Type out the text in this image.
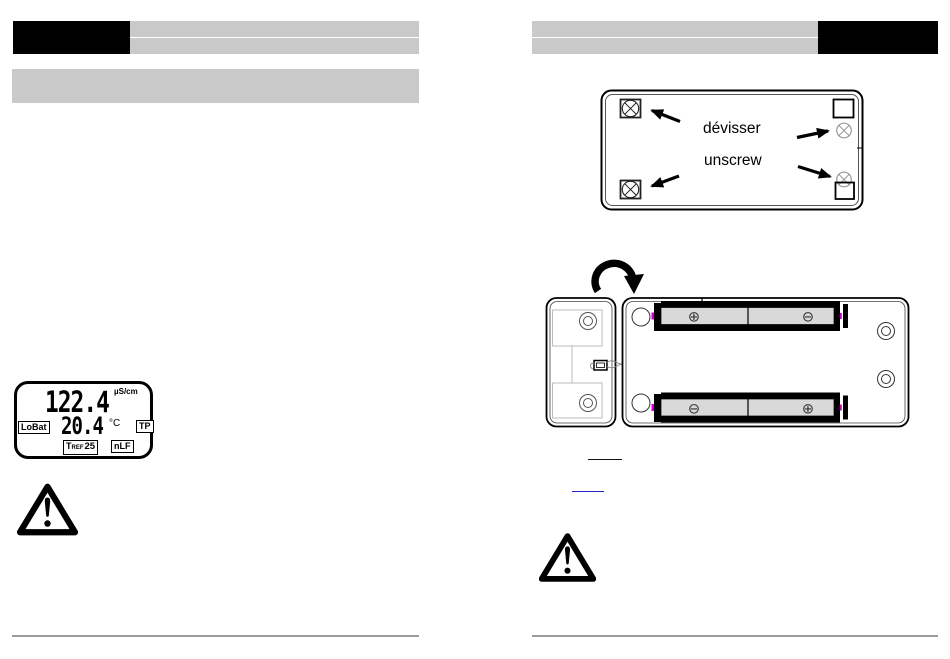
122.4 µS/cm
LoBat 20.4 °C	TP
TREF25	nLF
dévisser
unscrew
⊕	⊖
⊖	⊕
